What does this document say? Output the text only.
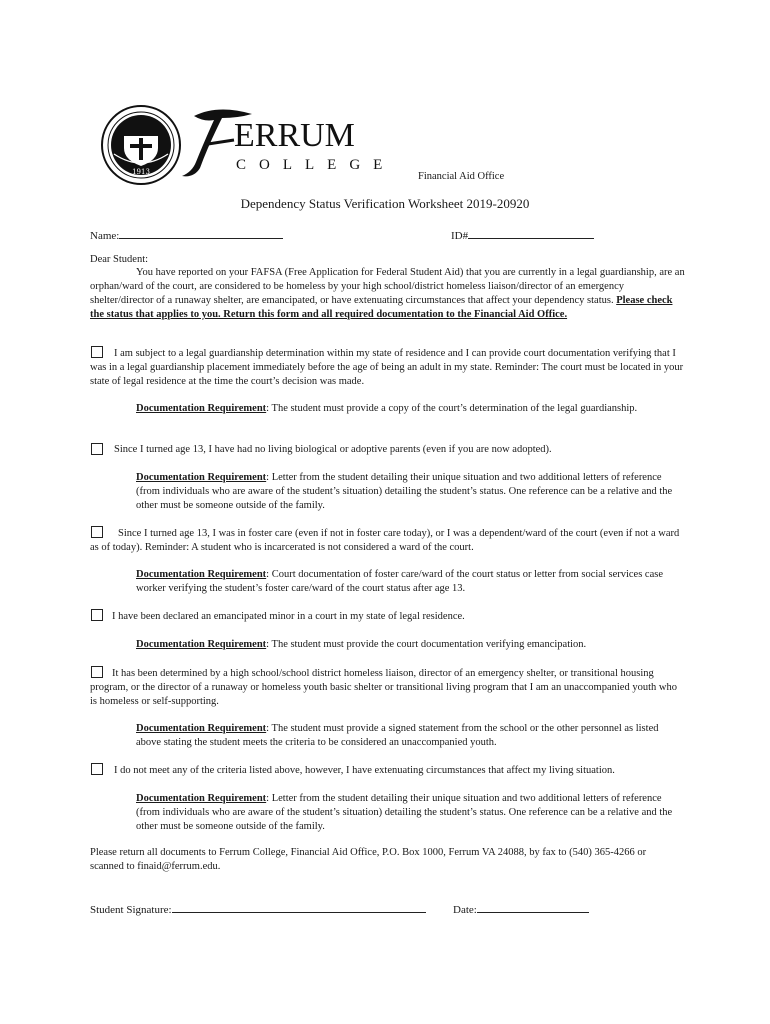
1913
ERRUM
COLLEGE
Financial Aid Office
Dependency Status Verification Worksheet 2019-20920
Name:	ID#
Dear Student:
You have reported on your FAFSA (Free Application for Federal Student Aid) that you are currently in a legal guardianship, are an orphan/ward of the court, are considered to be homeless by your high school/district homeless liaison/director of an emergency shelter/director of a runaway shelter, are emancipated, or have extenuating circumstances that affect your dependency status. Please check the status that applies to you. Return this form and all required documentation to the Financial Aid Office.
I am subject to a legal guardianship determination within my state of residence and I can provide court documentation verifying that I was in a legal guardianship placement immediately before the age of being an adult in my state. Reminder: The court must be located in your state of legal residence at the time the court’s decision was made.
Documentation Requirement: The student must provide a copy of the court’s determination of the legal guardianship.
Since I turned age 13, I have had no living biological or adoptive parents (even if you are now adopted).
Documentation Requirement: Letter from the student detailing their unique situation and two additional letters of reference (from individuals who are aware of the student’s situation) detailing the student’s status. One reference can be a relative and the other must be someone outside of the family.
Since I turned age 13, I was in foster care (even if not in foster care today), or I was a dependent/ward of the court (even if not a ward as of today). Reminder: A student who is incarcerated is not considered a ward of the court.
Documentation Requirement: Court documentation of foster care/ward of the court status or letter from social services case worker verifying the student’s foster care/ward of the court status after age 13.
I have been declared an emancipated minor in a court in my state of legal residence.
Documentation Requirement: The student must provide the court documentation verifying emancipation.
It has been determined by a high school/school district homeless liaison, director of an emergency shelter, or transitional housing program, or the director of a runaway or homeless youth basic shelter or transitional living program that I am an unaccompanied youth who is homeless or self-supporting.
Documentation Requirement: The student must provide a signed statement from the school or the other personnel as listed above stating the student meets the criteria to be considered an unaccompanied youth.
I do not meet any of the criteria listed above, however, I have extenuating circumstances that affect my living situation.
Documentation Requirement: Letter from the student detailing their unique situation and two additional letters of reference (from individuals who are aware of the student’s situation) detailing the student’s status. One reference can be a relative and the other must be someone outside of the family.
Please return all documents to Ferrum College, Financial Aid Office, P.O. Box 1000, Ferrum VA 24088, by fax to (540) 365-4266 or scanned to finaid@ferrum.edu.
Student Signature:	Date:
